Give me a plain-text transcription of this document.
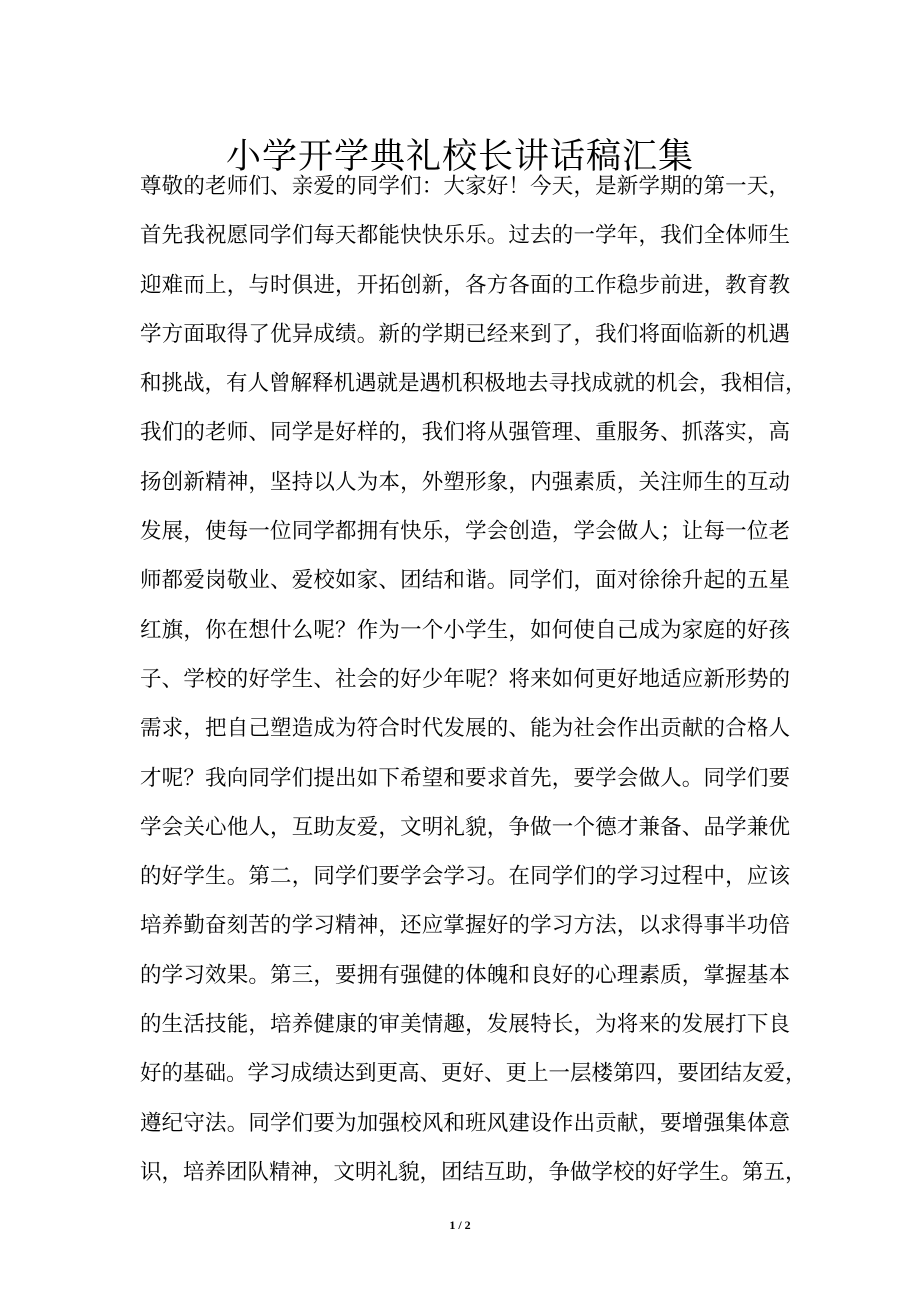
小学开学典礼校长讲话稿汇集
尊敬的老师们、亲爱的同学们：大家好！今天，是新学期的第一天，
首先我祝愿同学们每天都能快快乐乐。过去的一学年，我们全体师生
迎难而上，与时俱进，开拓创新，各方各面的工作稳步前进，教育教
学方面取得了优异成绩。新的学期已经来到了，我们将面临新的机遇
和挑战，有人曾解释机遇就是遇机积极地去寻找成就的机会，我相信，
我们的老师、同学是好样的，我们将从强管理、重服务、抓落实，高
扬创新精神，坚持以人为本，外塑形象，内强素质，关注师生的互动
发展，使每一位同学都拥有快乐，学会创造，学会做人；让每一位老
师都爱岗敬业、爱校如家、团结和谐。同学们，面对徐徐升起的五星
红旗，你在想什么呢？作为一个小学生，如何使自己成为家庭的好孩
子、学校的好学生、社会的好少年呢？将来如何更好地适应新形势的
需求，把自己塑造成为符合时代发展的、能为社会作出贡献的合格人
才呢？我向同学们提出如下希望和要求首先，要学会做人。同学们要
学会关心他人，互助友爱，文明礼貌，争做一个德才兼备、品学兼优
的好学生。第二，同学们要学会学习。在同学们的学习过程中，应该
培养勤奋刻苦的学习精神，还应掌握好的学习方法，以求得事半功倍
的学习效果。第三，要拥有强健的体魄和良好的心理素质，掌握基本
的生活技能，培养健康的审美情趣，发展特长，为将来的发展打下良
好的基础。学习成绩达到更高、更好、更上一层楼第四，要团结友爱，
遵纪守法。同学们要为加强校风和班风建设作出贡献，要增强集体意
识，培养团队精神，文明礼貌，团结互助，争做学校的好学生。第五，
1 / 2
